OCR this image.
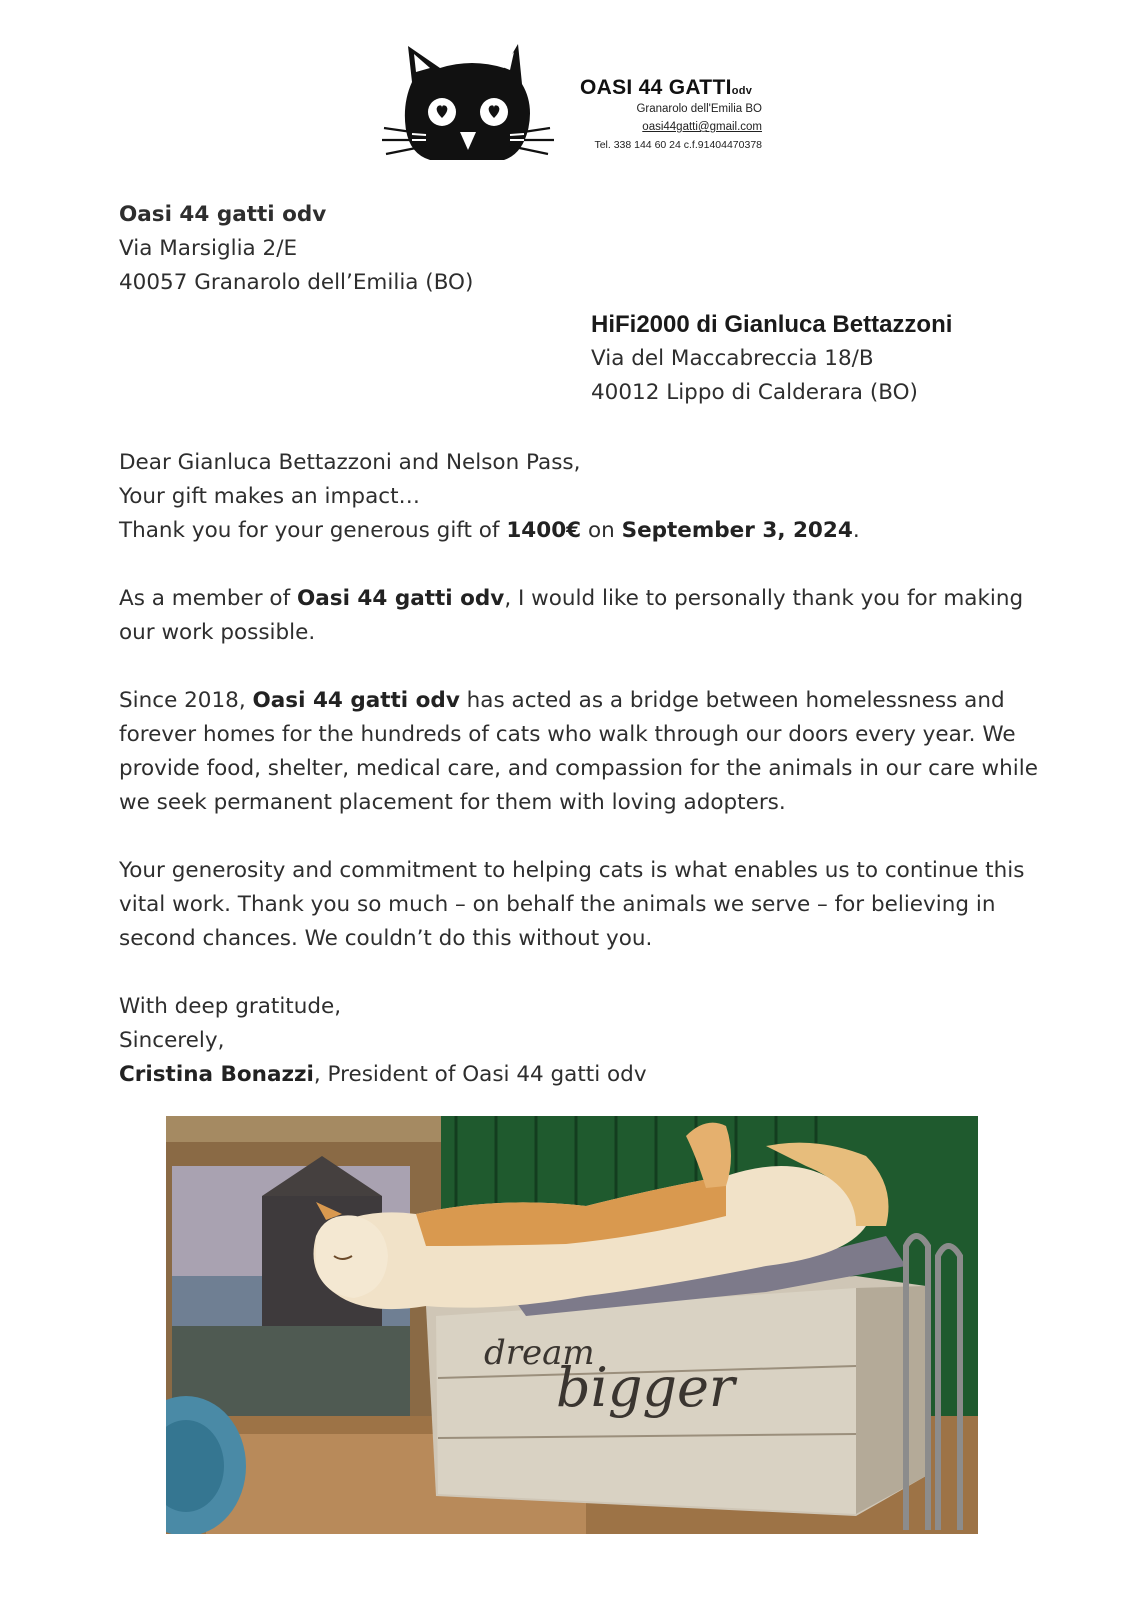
OASI 44 GATTIodv
Granarolo dell'Emilia BO
oasi44gatti@gmail.com
Tel. 338 144 60 24 c.f.91404470378
Oasi 44 gatti odv
Via Marsiglia 2/E
40057 Granarolo dell’Emilia (BO)
HiFi2000 di Gianluca Bettazzoni
Via del Maccabreccia 18/B
40012 Lippo di Calderara (BO)

Dear Gianluca Bettazzoni and Nelson Pass,
Your gift makes an impact…
Thank you for your generous gift of 1400€ on September 3, 2024.

As a member of Oasi 44 gatti odv, I would like to personally thank you for making our work possible.

Since 2018, Oasi 44 gatti odv has acted as a bridge between homelessness and forever homes for the hundreds of cats who walk through our doors every year. We provide food, shelter, medical care, and compassion for the animals in our care while we seek permanent placement for them with loving adopters.

Your generosity and commitment to helping cats is what enables us to continue this vital work. Thank you so much – on behalf the animals we serve – for believing in second chances. We couldn’t do this without you.

With deep gratitude,
Sincerely,
Cristina Bonazzi, President of Oasi 44 gatti odv

dream
bigger
